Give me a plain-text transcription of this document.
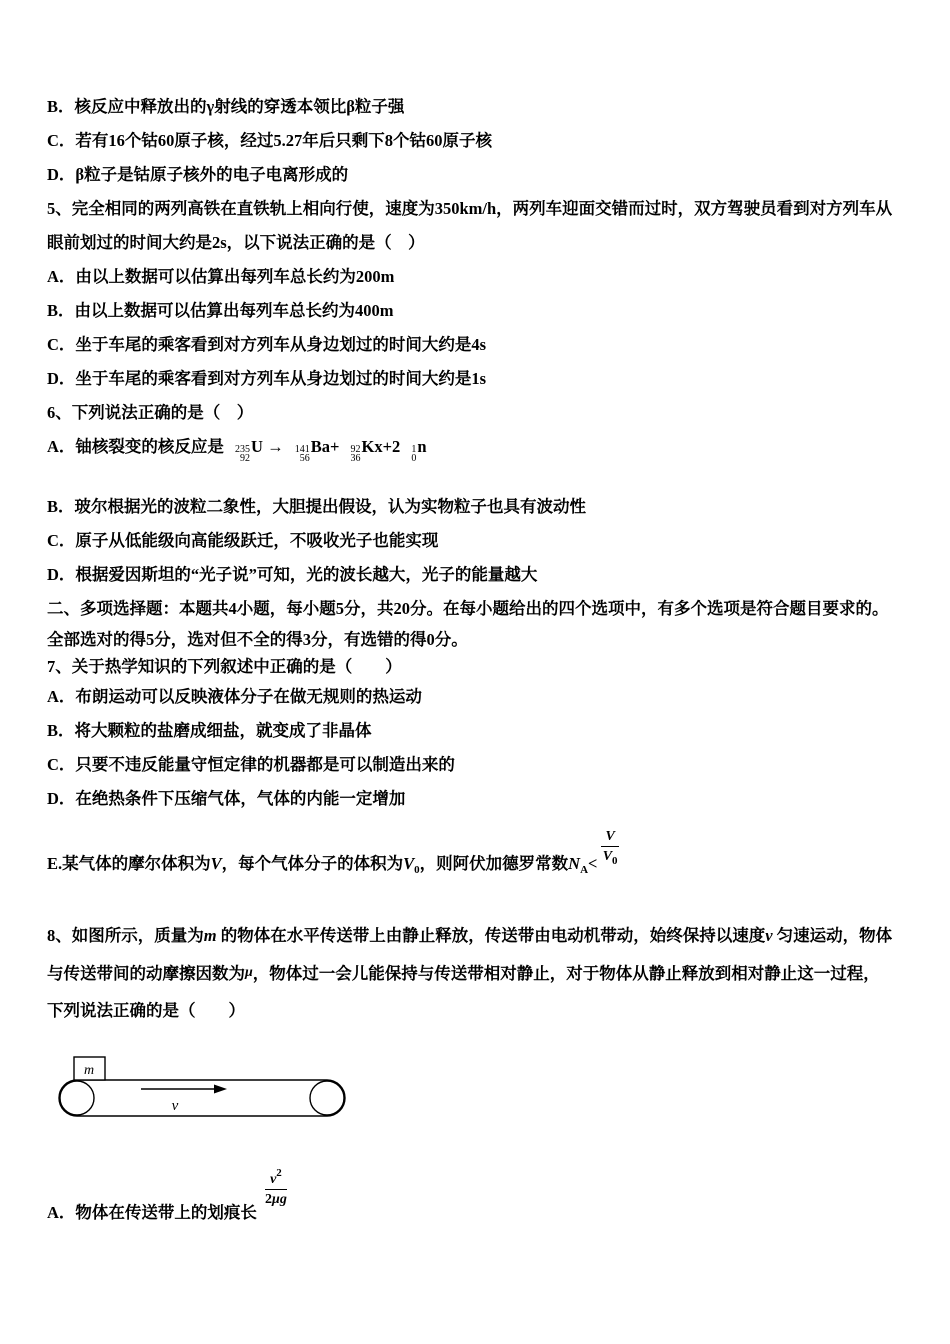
B．核反应中释放出的γ射线的穿透本领比β粒子强
C．若有16个钴60原子核，经过5.27年后只剩下8个钴60原子核
D．β粒子是钴原子核外的电子电离形成的
5、完全相同的两列高铁在直铁轨上相向行使，速度为350km/h，两列车迎面交错而过时，双方驾驶员看到对方列车从
眼前划过的时间大约是2s，以下说法正确的是（　）
A．由以上数据可以估算出每列车总长约为200m
B．由以上数据可以估算出每列车总长约为400m
C．坐于车尾的乘客看到对方列车从身边划过的时间大约是4s
D．坐于车尾的乘客看到对方列车从身边划过的时间大约是1s
6、下列说法正确的是（　）
A．铀核裂变的核反应是 235
92
U → 141
56
Ba+ 92
36
Kx+2 1
0
n
B．玻尔根据光的波粒二象性，大胆提出假设，认为实物粒子也具有波动性
C．原子从低能级向高能级跃迁，不吸收光子也能实现
D．根据爱因斯坦的“光子说”可知，光的波长越大，光子的能量越大
二、多项选择题：本题共4小题，每小题5分，共20分。在每小题给出的四个选项中，有多个选项是符合题目要求的。
全部选对的得5分，选对但不全的得3分，有选错的得0分。
7、关于热学知识的下列叙述中正确的是（　　）
A．布朗运动可以反映液体分子在做无规则的热运动
B．将大颗粒的盐磨成细盐，就变成了非晶体
C．只要不违反能量守恒定律的机器都是可以制造出来的
D．在绝热条件下压缩气体，气体的内能一定增加
E.某气体的摩尔体积为V，每个气体分子的体积为$V_0$，则阿伏加德罗常数$N_A< \frac{V}{V_0}$
8、如图所示，质量为m 的物体在水平传送带上由静止释放，传送带由电动机带动，始终保持以速度v 匀速运动，物体
与传送带间的动摩擦因数为μ，物体过一会儿能保持与传送带相对静止，对于物体从静止释放到相对静止这一过程，
下列说法正确的是（　　）
m
v
A．物体在传送带上的划痕长
$\frac{v^2}{2\mu g}$
